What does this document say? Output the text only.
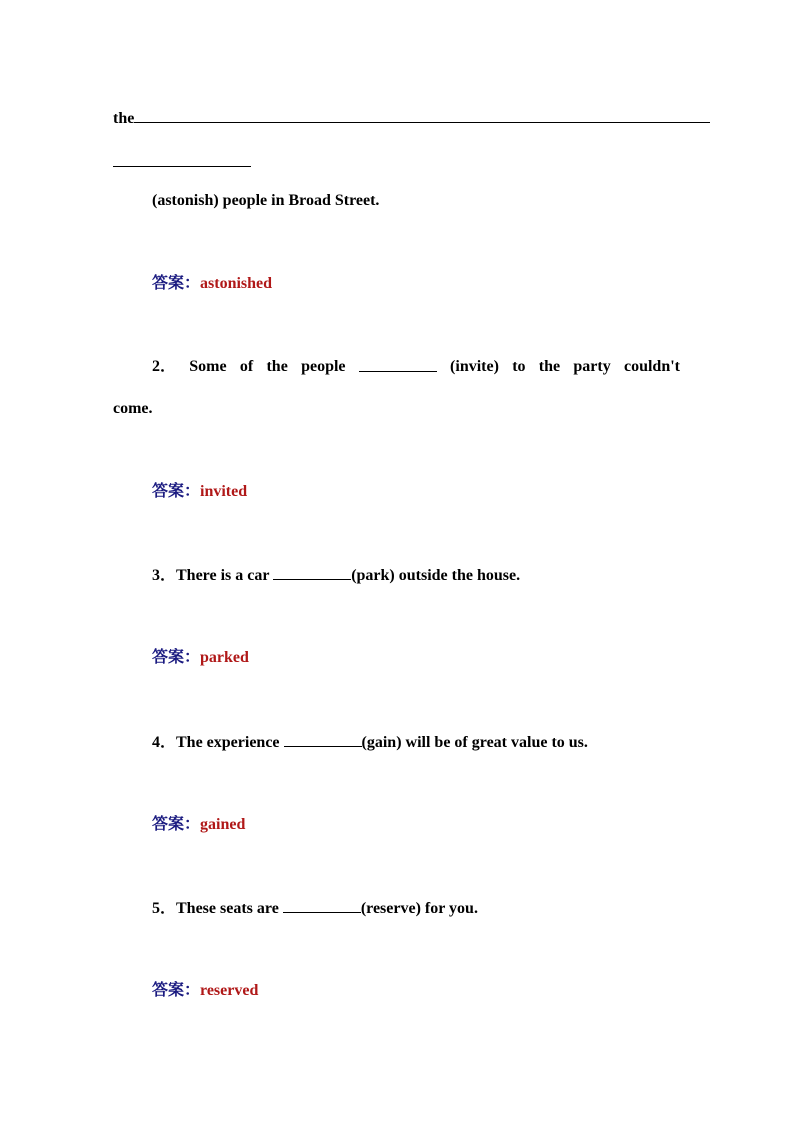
the
(astonish) people in Broad Street.
答案：astonished
2． Some of the people	(invite) to the party couldn't
come.
答案：invited
3．There is a car	(park) outside the house.
答案：parked
4．The experience	(gain) will be of great value to us.
答案：gained
5．These seats are	(reserve) for you.
答案：reserved
